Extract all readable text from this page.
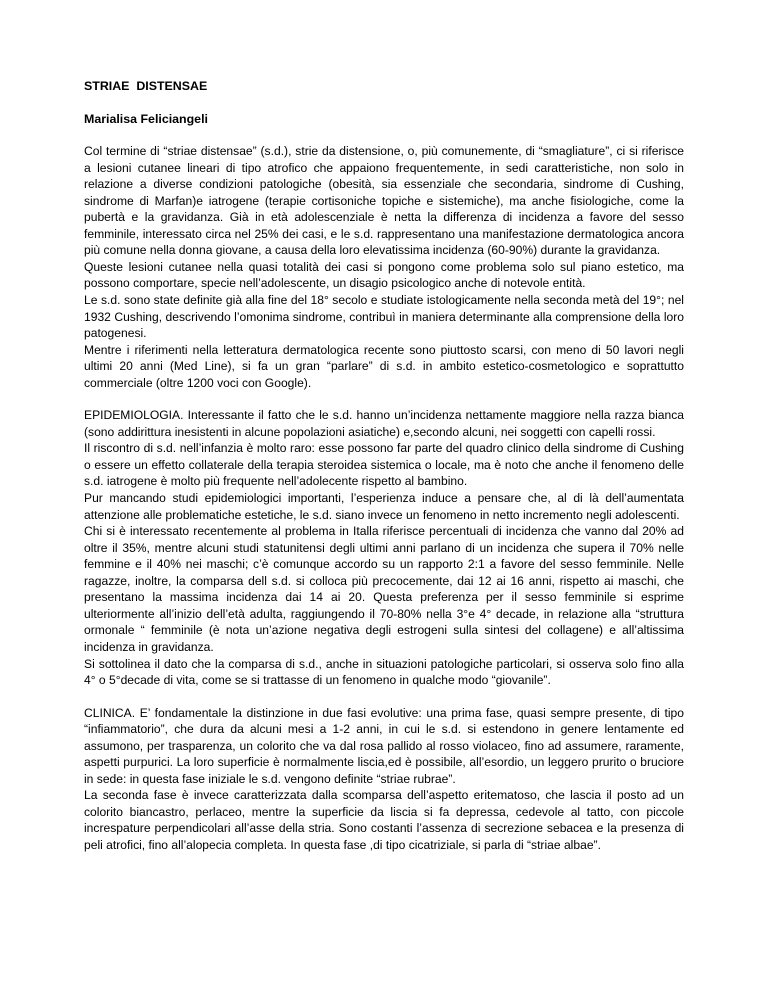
STRIAE  DISTENSAE
Marialisa Feliciangeli

Col termine di “striae distensae” (s.d.), strie da distensione, o, più comunemente, di “smagliature”, ci si riferisce a lesioni cutanee lineari di tipo atrofico che appaiono frequentemente, in sedi caratteristiche, non solo in relazione a diverse condizioni patologiche (obesità, sia essenziale che secondaria, sindrome di Cushing, sindrome di Marfan)e iatrogene (terapie cortisoniche topiche e sistemiche), ma anche fisiologiche, come la pubertà e la gravidanza. Già in età adolescenziale è netta la differenza di incidenza a favore del sesso femminile, interessato circa nel 25% dei casi, e le s.d. rappresentano una manifestazione dermatologica ancora più comune nella donna giovane, a causa della loro elevatissima incidenza (60-90%) durante la gravidanza.

Queste lesioni cutanee nella quasi totalità dei casi si pongono come problema solo sul piano estetico, ma possono comportare, specie nell’adolescente, un disagio psicologico anche di notevole entità.

Le s.d. sono state definite già alla fine del 18° secolo e studiate istologicamente nella seconda metà del 19°; nel 1932 Cushing, descrivendo l’omonima sindrome, contribuì in maniera determinante alla comprensione della loro patogenesi.

Mentre i riferimenti nella letteratura dermatologica recente sono piuttosto scarsi, con meno di 50 lavori negli ultimi 20 anni (Med Line), si fa un gran “parlare” di s.d. in ambito estetico-cosmetologico e soprattutto commerciale (oltre 1200 voci con Google).

EPIDEMIOLOGIA. Interessante il fatto che le s.d. hanno un’incidenza nettamente maggiore nella razza bianca (sono addirittura inesistenti in alcune popolazioni asiatiche) e,secondo alcuni, nei soggetti con capelli rossi.

Il riscontro di s.d. nell’infanzia è molto raro: esse possono far parte del quadro clinico della sindrome di Cushing o essere un effetto collaterale della terapia steroidea sistemica o locale, ma è noto che anche il fenomeno delle s.d. iatrogene è molto più frequente nell’adolecente rispetto al bambino.

Pur mancando studi epidemiologici importanti, l’esperienza induce a pensare che, al di là dell’aumentata attenzione alle problematiche estetiche, le s.d. siano invece un fenomeno in netto incremento negli adolescenti.

Chi si è interessato recentemente al problema in Italla riferisce percentuali di incidenza che vanno dal 20% ad oltre il 35%, mentre alcuni studi statunitensi degli ultimi anni parlano di un incidenza che supera il 70% nelle femmine e il 40% nei maschi; c’è comunque accordo su un rapporto 2:1 a favore del sesso femminile. Nelle ragazze, inoltre, la comparsa dell s.d. si colloca più precocemente, dai 12 ai 16 anni, rispetto ai maschi, che presentano la massima incidenza dai 14 ai 20. Questa preferenza per il sesso femminile si esprime ulteriormente all’inizio dell’età adulta, raggiungendo il 70-80% nella 3°e 4° decade, in relazione alla “struttura ormonale “ femminile (è nota un’azione negativa degli estrogeni sulla sintesi del collagene) e all’altissima incidenza in gravidanza.

Si sottolinea il dato che la comparsa di s.d., anche in situazioni patologiche particolari, si osserva solo fino alla 4° o 5°decade di vita, come se si trattasse di un fenomeno in qualche modo “giovanile”.

CLINICA. E’ fondamentale la distinzione in due fasi evolutive: una prima fase, quasi sempre presente, di tipo “infiammatorio”, che dura da alcuni mesi a 1-2 anni, in cui le s.d. si estendono in genere lentamente ed assumono, per trasparenza, un colorito che va dal rosa pallido al rosso violaceo, fino ad assumere, raramente, aspetti purpurici. La loro superficie è normalmente liscia,ed è possibile, all’esordio, un leggero prurito o bruciore in sede: in questa fase iniziale le s.d. vengono definite “striae rubrae”.

La seconda fase è invece caratterizzata dalla scomparsa dell’aspetto eritematoso, che lascia il posto ad un colorito biancastro, perlaceo, mentre la superficie da liscia si fa depressa, cedevole al tatto, con piccole increspature perpendicolari all’asse della stria. Sono costanti l’assenza di secrezione sebacea e la presenza di peli atrofici, fino all’alopecia completa. In questa fase ,di tipo cicatriziale, si parla di “striae albae”.
